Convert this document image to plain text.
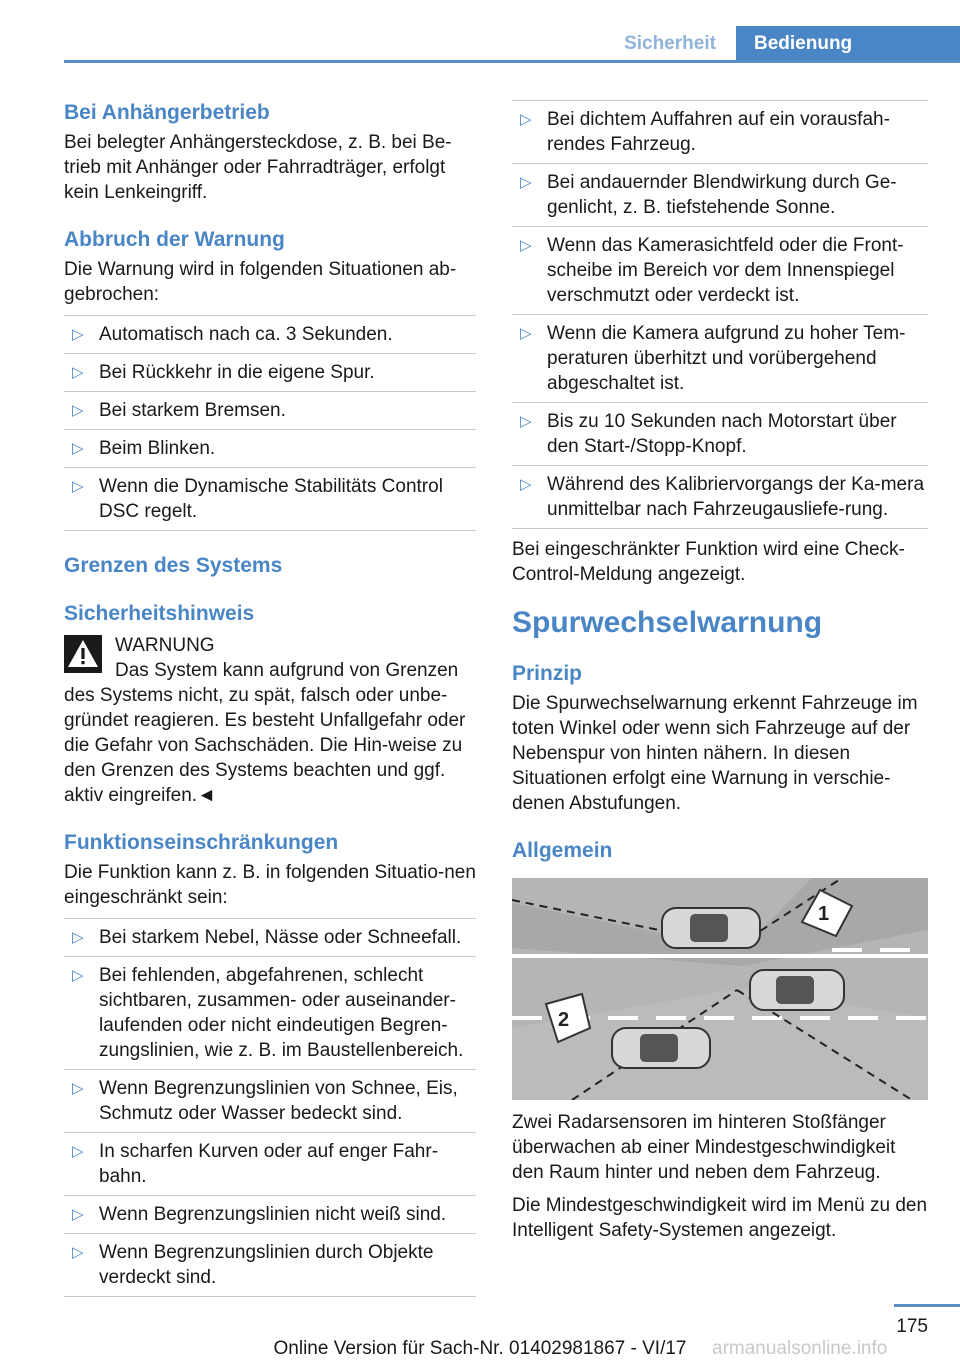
Sicherheit	Bedienung
Bei Anhängerbetrieb

Bei belegter Anhängersteckdose, z. B. bei Be-trieb mit Anhänger oder Fahrradträger, erfolgt kein Lenkeingriff.

Abbruch der Warnung

Die Warnung wird in folgenden Situationen ab-gebrochen:

▷ Automatisch nach ca. 3 Sekunden.
▷ Bei Rückkehr in die eigene Spur.
▷ Bei starkem Bremsen.
▷ Beim Blinken.
▷ Wenn die Dynamische Stabilitäts Control DSC regelt.
Grenzen des Systems
Sicherheitshinweis
WARNUNG
Das System kann aufgrund von Grenzen

des Systems nicht, zu spät, falsch oder unbe-gründet reagieren. Es besteht Unfallgefahr oder die Gefahr von Sachschäden. Die Hin-weise zu den Grenzen des Systems beachten und ggf. aktiv eingreifen.◄

Funktionseinschränkungen

Die Funktion kann z. B. in folgenden Situatio-nen eingeschränkt sein:

▷ Bei starkem Nebel, Nässe oder Schneefall.
▷ Bei fehlenden, abgefahrenen, schlecht sichtbaren, zusammen- oder auseinander-laufenden oder nicht eindeutigen Begren-zungslinien, wie z. B. im Baustellenbereich.
▷ Wenn Begrenzungslinien von Schnee, Eis, Schmutz oder Wasser bedeckt sind.
▷ In scharfen Kurven oder auf enger Fahr-bahn.
▷ Wenn Begrenzungslinien nicht weiß sind.
▷ Wenn Begrenzungslinien durch Objekte verdeckt sind.
▷ Bei dichtem Auffahren auf ein vorausfah-rendes Fahrzeug.
▷ Bei andauernder Blendwirkung durch Ge-genlicht, z. B. tiefstehende Sonne.
▷ Wenn das Kamerasichtfeld oder die Front-scheibe im Bereich vor dem Innenspiegel verschmutzt oder verdeckt ist.
▷ Wenn die Kamera aufgrund zu hoher Tem-peraturen überhitzt und vorübergehend abgeschaltet ist.
▷ Bis zu 10 Sekunden nach Motorstart über den Start-/Stopp-Knopf.
▷ Während des Kalibriervorgangs der Ka-mera unmittelbar nach Fahrzeugausliefe-rung.

Bei eingeschränkter Funktion wird eine Check-Control-Meldung angezeigt.

Spurwechselwarnung
Prinzip

Die Spurwechselwarnung erkennt Fahrzeuge im toten Winkel oder wenn sich Fahrzeuge auf der Nebenspur von hinten nähern. In diesen Situationen erfolgt eine Warnung in verschie-denen Abstufungen.

Allgemein
1
2

Zwei Radarsensoren im hinteren Stoßfänger überwachen ab einer Mindestgeschwindigkeit den Raum hinter und neben dem Fahrzeug.

Die Mindestgeschwindigkeit wird im Menü zu den Intelligent Safety-Systemen angezeigt.

175
Online Version für Sach-Nr. 01402981867 - VI/17	armanualsonline.info
